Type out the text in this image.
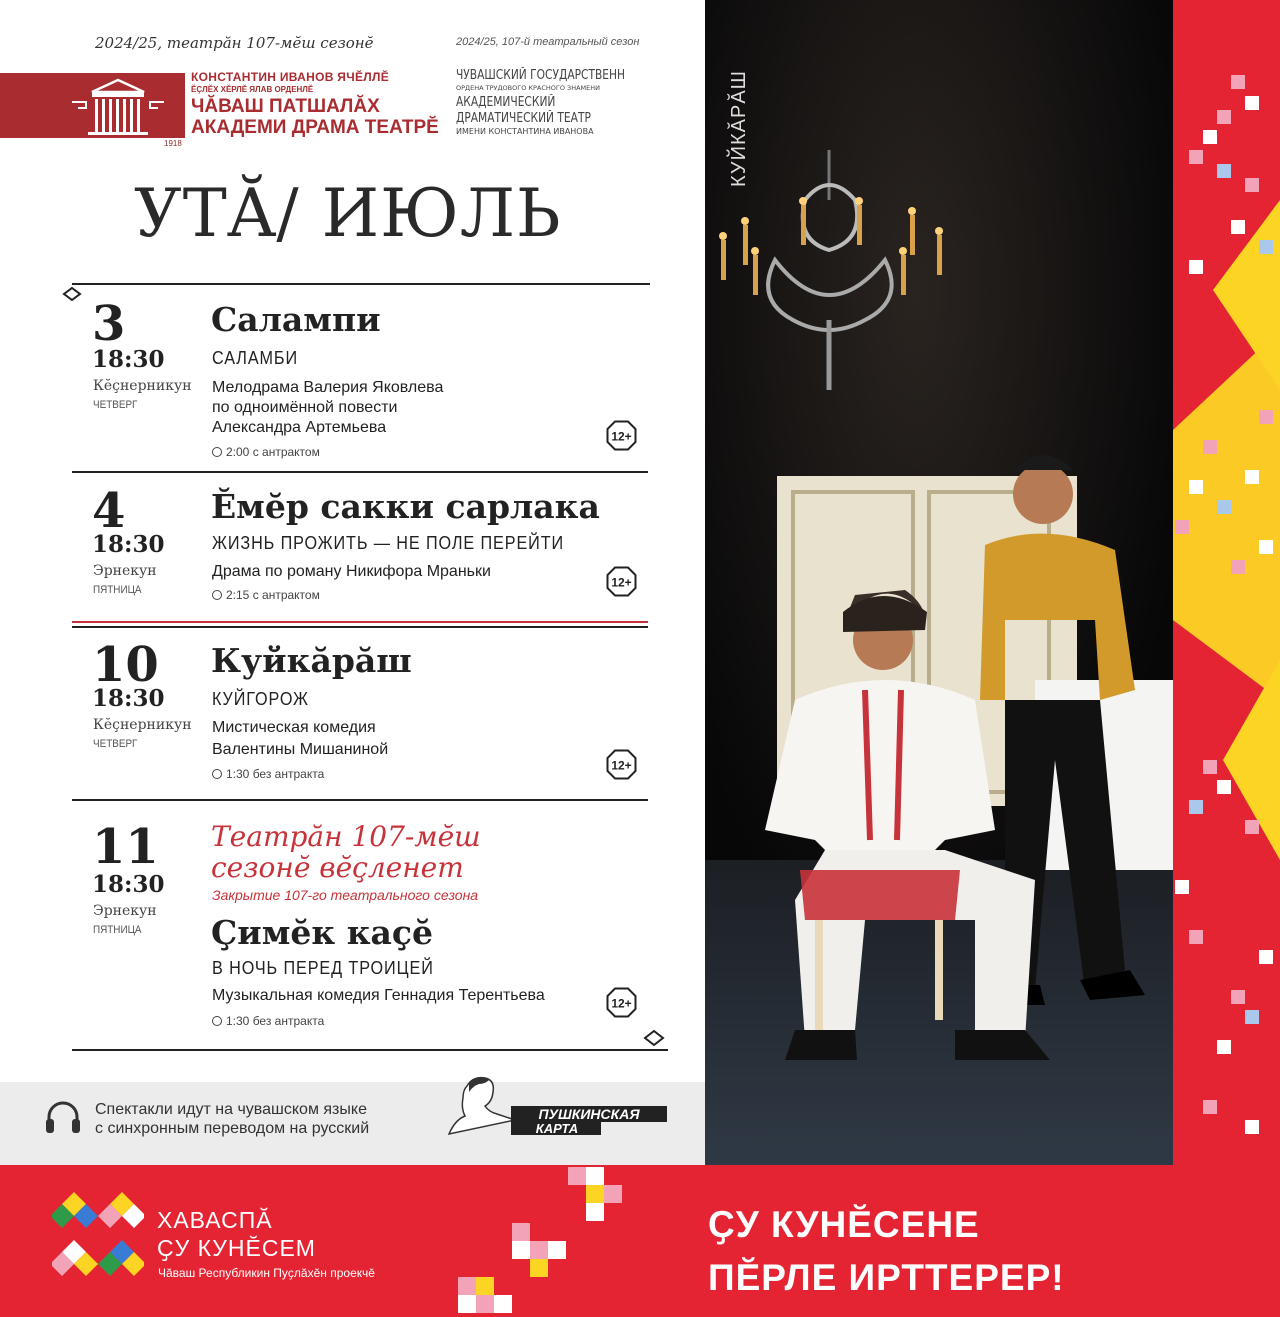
2024/25, театрăн 107-мĕш сезонĕ	2024/25, 107-й театральный сезон
1918
КОНСТАНТИН ИВАНОВ ЯЧĔЛЛĔ
ĔҪЛĔХ ХĔРЛĔ ЯЛАВ ОРДЕНЛĔ
ЧĂВАШ ПАТШАЛĂХ
АКАДЕМИ ДРАМА ТЕАТРĔ
ЧУВАШСКИЙ ГОСУДАРСТВЕНН
ОРДЕНА ТРУДОВОГО КРАСНОГО ЗНАМЕНИ
АКАДЕМИЧЕСКИЙ
ДРАМАТИЧЕСКИЙ ТЕАТР
ИМЕНИ КОНСТАНТИНА ИВАНОВА
УТĂ/ ИЮЛЬ
3
18:30
Кĕҫнерникун
ЧЕТВЕРГ
Салампи
САЛАМБИ
Мелодрама Валерия Яковлева
по одноимённой повести
Александра Артемьева
2:00 с антрактом
12+
4
18:30
Эрнекун
ПЯТНИЦА
Ĕмĕр сакки сарлака
ЖИЗНЬ ПРОЖИТЬ — НЕ ПОЛЕ ПЕРЕЙТИ
Драма по роману Никифора Мраньки
2:15 с антрактом
12+
10
18:30
Кĕҫнерникун
ЧЕТВЕРГ
Куйкăрăш
КУЙГОРОЖ
Мистическая комедия
Валентины Мишаниной
1:30 без антракта
12+
11
18:30
Эрнекун
ПЯТНИЦА
Театрăн 107-мĕш
сезонĕ вĕҫленет
Закрытие 107-го театрального сезона
Ҫимĕк каҫĕ
В НОЧЬ ПЕРЕД ТРОИЦЕЙ
Музыкальная комедия Геннадия Терентьева
1:30 без антракта
12+
Спектакли идут на чувашском языке
с синхронным переводом на русский
ПУШКИНСКАЯ
КАРТА
КУЙКĂРĂШ
ХАВАСПĂ
ҪУ КУНĔСЕМ
Чăваш Республикин Пуҫлăхĕн проекчĕ
ҪУ КУНĔСЕНЕ
ПĔРЛЕ ИРТТЕРЕР!
